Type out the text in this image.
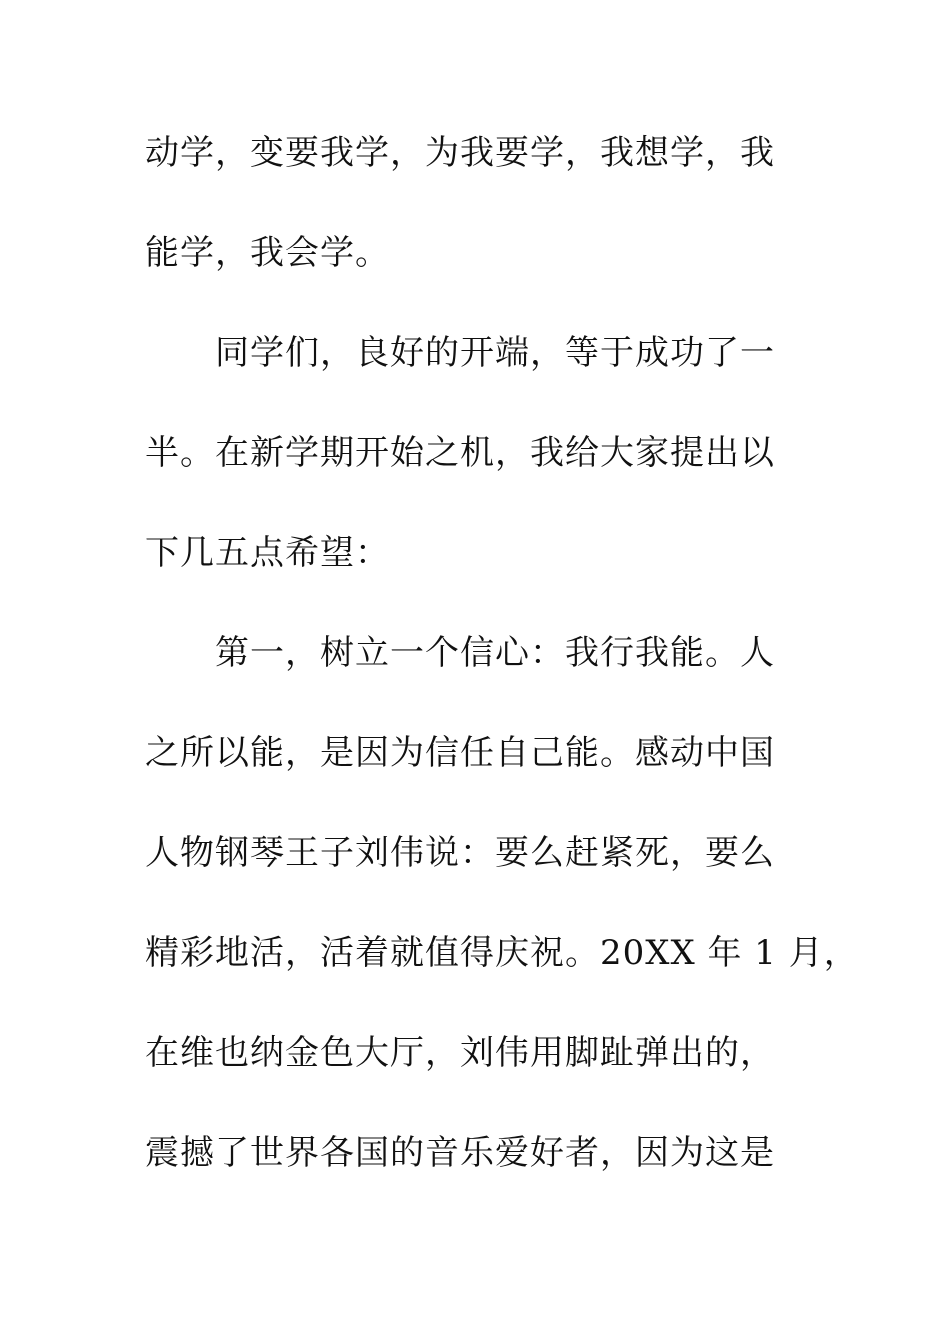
动学，变要我学，为我要学，我想学，我
能学，我会学。
同学们，良好的开端，等于成功了一
半。在新学期开始之机，我给大家提出以
下几五点希望：
第一，树立一个信心：我行我能。人
之所以能，是因为信任自己能。感动中国
人物钢琴王子刘伟说：要么赶紧死，要么
精彩地活，活着就值得庆祝。20XX 年 1 月，
在维也纳金色大厅，刘伟用脚趾弹出的，
震撼了世界各国的音乐爱好者，因为这是
